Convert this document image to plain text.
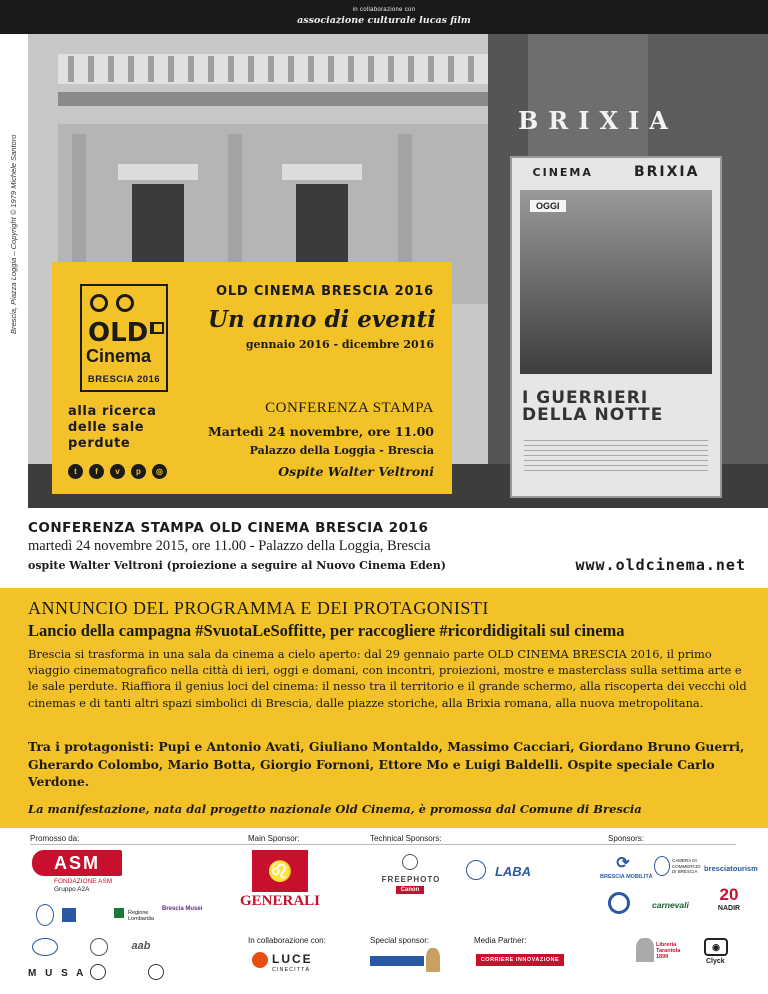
in collaborazione con
associazione culturale lucas film
Brescia, Piazza Loggia – Copyright © 1979 Michele Santoro
BRIXIA
CINEMA	BRIXIA
OGGI
I GUERRIERI
DELLA NOTTE
OLD
Cinema
BRESCIA 2016
alla ricerca
delle sale
perdute
t	f	v	p	◎
OLD CINEMA BRESCIA 2016
Un anno di eventi
gennaio 2016 - dicembre 2016
CONFERENZA STAMPA
Martedì 24 novembre, ore 11.00
Palazzo della Loggia - Brescia
Ospite Walter Veltroni
CONFERENZA STAMPA OLD CINEMA BRESCIA 2016
martedì 24 novembre 2015, ore 11.00 - Palazzo della Loggia, Brescia
ospite Walter Veltroni (proiezione a seguire al Nuovo Cinema Eden)	www.oldcinema.net
ANNUNCIO DEL PROGRAMMA E DEI PROTAGONISTI
Lancio della campagna #SvuotaLeSoffitte, per raccogliere #ricordidigitali sul cinema
Brescia si trasforma in una sala da cinema a cielo aperto: dal 29 gennaio parte OLD CINEMA BRESCIA 2016, il primo viaggio cinematografico nella città di ieri, oggi e domani, con incontri, proiezioni, mostre e masterclass sulla settima arte e le sale perdute. Riaffiora il genius loci del cinema: il nesso tra il territorio e il grande schermo, alla riscoperta dei vecchi old cinemas e di tanti altri spazi simbolici di Brescia, dalle piazze storiche, alla Brixia romana, alla nuova metropolitana.
Tra i protagonisti: Pupi e Antonio Avati, Giuliano Montaldo, Massimo Cacciari, Giordano Bruno Guerri, Gherardo Colombo, Mario Botta, Giorgio Fornoni, Ettore Mo e Luigi Baldelli. Ospite speciale Carlo Verdone.
La manifestazione, nata dal progetto nazionale Old Cinema, è promossa dal Comune di Brescia
Promosso da:	Main Sponsor:	Technical Sponsors:	Sponsors:
ASM
FONDAZIONE ASM
Gruppo A2A
♌
GENERALI
FREEPHOTO
Canon
LABA	⟳
BRESCIA MOBILITÀ
CAMERA DI COMMERCIO DI BRESCIA bresciatourism
carnevali
20
NADIR
Regione Lombardia
Brescia Musei
aab
M U S A
In collaborazione con:	Special sponsor:	Media Partner:
LUCE
CINECITTÀ
CORRIERE INNOVAZIONE
Libreria Tarantola 1899
◉
Clyck
